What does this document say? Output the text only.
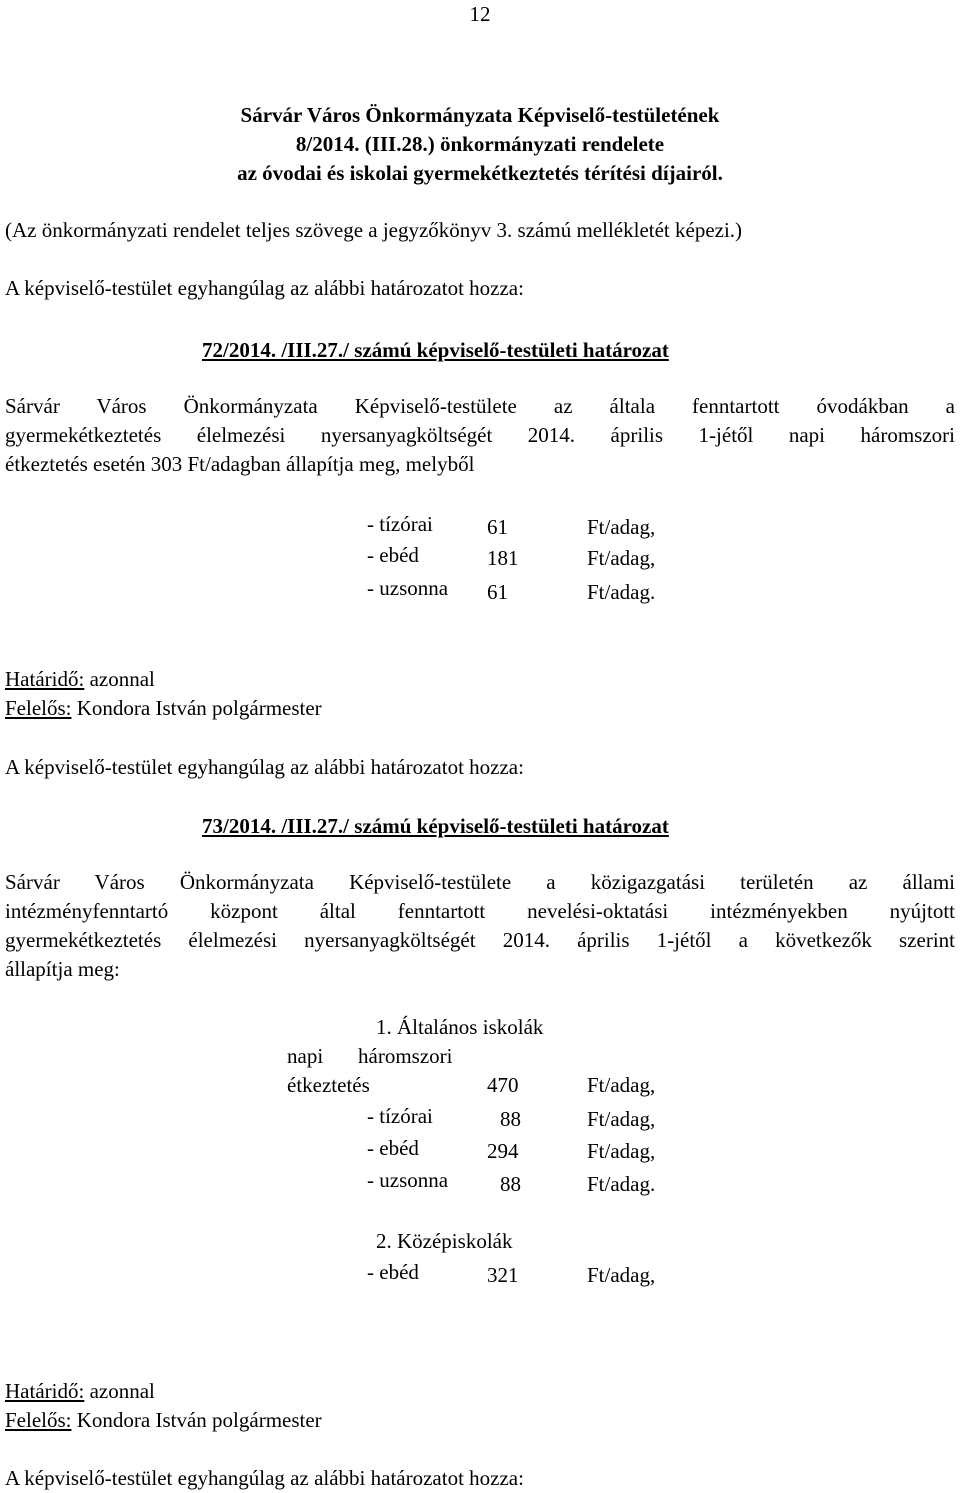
12
Sárvár Város Önkormányzata Képviselő-testületének
8/2014. (III.28.) önkormányzati rendelete
az óvodai és iskolai gyermekétkeztetés térítési díjairól.
(Az önkormányzati rendelet teljes szövege a jegyzőkönyv 3. számú mellékletét képezi.)
A képviselő-testület egyhangúlag az alábbi határozatot hozza:
72/2014. /III.27./ számú képviselő-testületi határozat
Sárvár Város Önkormányzata Képviselő-testülete az általa fenntartott óvodákban a
gyermekétkeztetés élelmezési nyersanyagköltségét 2014. április 1-jétől napi háromszori
étkeztetés esetén 303 Ft/adagban állapítja meg, melyből
- tízórai	61	Ft/adag,
- ebéd	181	Ft/adag,
- uzsonna 61	Ft/adag.
Határidő: azonnal
Felelős: Kondora István polgármester
A képviselő-testület egyhangúlag az alábbi határozatot hozza:
73/2014. /III.27./ számú képviselő-testületi határozat
Sárvár Város Önkormányzata Képviselő-testülete a közigazgatási területén az állami
intézményfenntartó központ által fenntartott nevelési-oktatási intézményekben nyújtott
gyermekétkeztetés élelmezési nyersanyagköltségét 2014. április 1-jétől a következők szerint
állapítja meg:
1. Általános iskolák
napi háromszori
étkeztetés	470	Ft/adag,
- tízórai	88	Ft/adag,
- ebéd	294	Ft/adag,
- uzsonna 88	Ft/adag.
2. Középiskolák
- ebéd	321	Ft/adag,
Határidő: azonnal
Felelős: Kondora István polgármester
A képviselő-testület egyhangúlag az alábbi határozatot hozza:
